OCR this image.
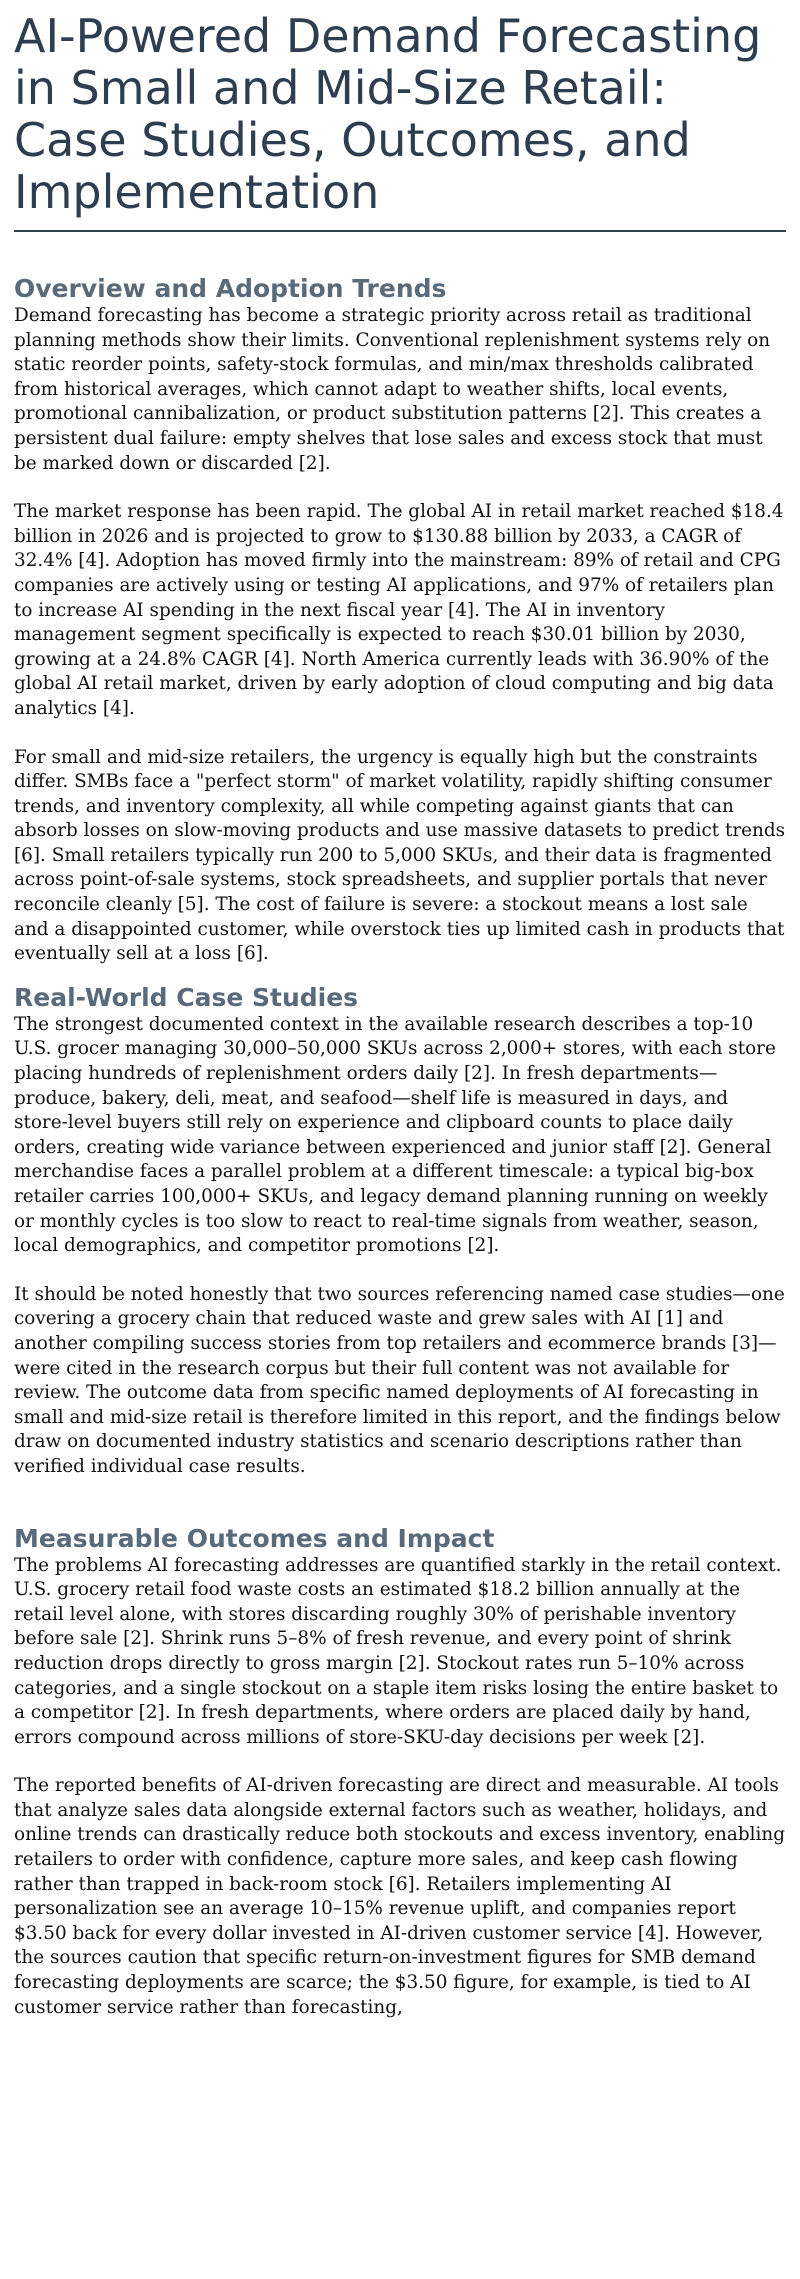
AI-Powered Demand Forecasting in Small and Mid-Size Retail: Case Studies, Outcomes, and Implementation
Overview and Adoption Trends

Demand forecasting has become a strategic priority across retail as traditional planning methods show their limits. Conventional replenishment systems rely on static reorder points, safety-stock formulas, and min/max thresholds calibrated from historical averages, which cannot adapt to weather shifts, local events, promotional cannibalization, or product substitution patterns [2]. This creates a persistent dual failure: empty shelves that lose sales and excess stock that must be marked down or discarded [2].

The market response has been rapid. The global AI in retail market reached $18.4 billion in 2026 and is projected to grow to $130.88 billion by 2033, a CAGR of 32.4% [4]. Adoption has moved firmly into the mainstream: 89% of retail and CPG companies are actively using or testing AI applications, and 97% of retailers plan to increase AI spending in the next fiscal year [4]. The AI in inventory management segment specifically is expected to reach $30.01 billion by 2030, growing at a 24.8% CAGR [4]. North America currently leads with 36.90% of the global AI retail market, driven by early adoption of cloud computing and big data analytics [4].

For small and mid-size retailers, the urgency is equally high but the constraints differ. SMBs face a "perfect storm" of market volatility, rapidly shifting consumer trends, and inventory complexity, all while competing against giants that can absorb losses on slow-moving products and use massive datasets to predict trends [6]. Small retailers typically run 200 to 5,000 SKUs, and their data is fragmented across point-of-sale systems, stock spreadsheets, and supplier portals that never reconcile cleanly [5]. The cost of failure is severe: a stockout means a lost sale and a disappointed customer, while overstock ties up limited cash in products that eventually sell at a loss [6].

Real-World Case Studies

The strongest documented context in the available research describes a top-10 U.S. grocer managing 30,000–50,000 SKUs across 2,000+ stores, with each store placing hundreds of replenishment orders daily [2]. In fresh departments—produce, bakery, deli, meat, and seafood—shelf life is measured in days, and store-level buyers still rely on experience and clipboard counts to place daily orders, creating wide variance between experienced and junior staff [2]. General merchandise faces a parallel problem at a different timescale: a typical big-box retailer carries 100,000+ SKUs, and legacy demand planning running on weekly or monthly cycles is too slow to react to real-time signals from weather, season, local demographics, and competitor promotions [2].

It should be noted honestly that two sources referencing named case studies—one covering a grocery chain that reduced waste and grew sales with AI [1] and another compiling success stories from top retailers and ecommerce brands [3]—were cited in the research corpus but their full content was not available for review. The outcome data from specific named deployments of AI forecasting in small and mid-size retail is therefore limited in this report, and the findings below draw on documented industry statistics and scenario descriptions rather than verified individual case results.

Measurable Outcomes and Impact

The problems AI forecasting addresses are quantified starkly in the retail context. U.S. grocery retail food waste costs an estimated $18.2 billion annually at the retail level alone, with stores discarding roughly 30% of perishable inventory before sale [2]. Shrink runs 5–8% of fresh revenue, and every point of shrink reduction drops directly to gross margin [2]. Stockout rates run 5–10% across categories, and a single stockout on a staple item risks losing the entire basket to a competitor [2]. In fresh departments, where orders are placed daily by hand, errors compound across millions of store-SKU-day decisions per week [2].

The reported benefits of AI-driven forecasting are direct and measurable. AI tools that analyze sales data alongside external factors such as weather, holidays, and online trends can drastically reduce both stockouts and excess inventory, enabling retailers to order with confidence, capture more sales, and keep cash flowing rather than trapped in back-room stock [6]. Retailers implementing AI personalization see an average 10–15% revenue uplift, and companies report $3.50 back for every dollar invested in AI-driven customer service [4]. However, the sources caution that specific return-on-investment figures for SMB demand forecasting deployments are scarce; the $3.50 figure, for example, is tied to AI customer service rather than forecasting,
